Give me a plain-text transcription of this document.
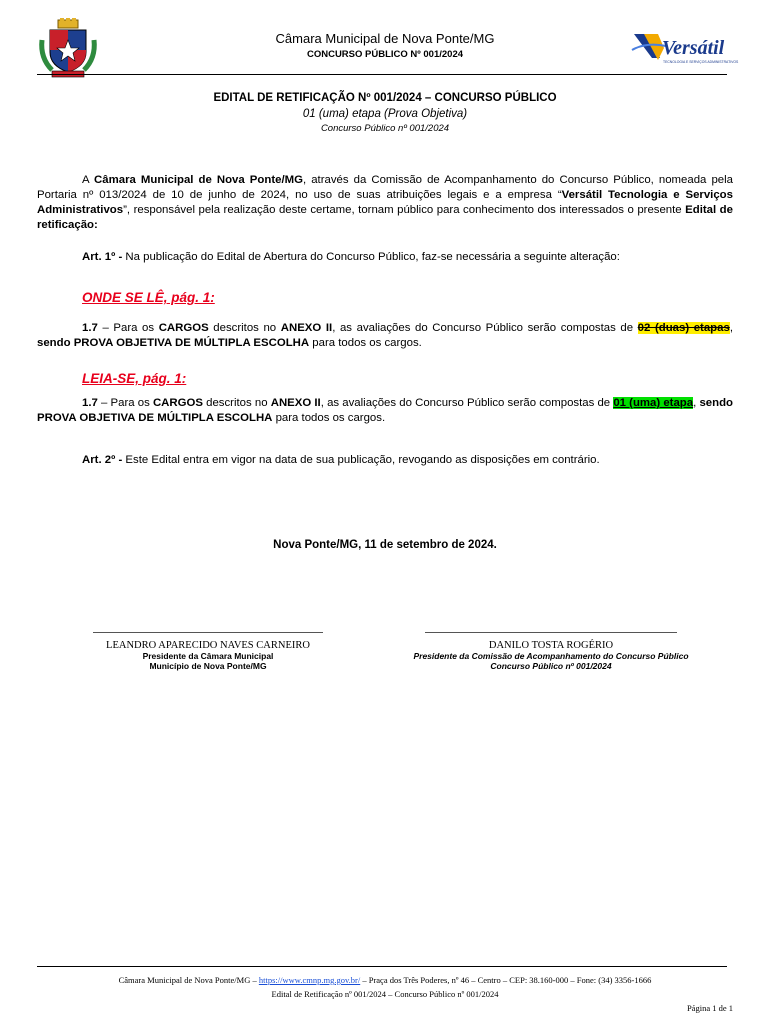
Câmara Municipal de Nova Ponte/MG
CONCURSO PÚBLICO Nº 001/2024	Versátil
TECNOLOGIA E SERVIÇOS ADMINISTRATIVOS
EDITAL DE RETIFICAÇÃO Nº 001/2024 – CONCURSO PÚBLICO
01 (uma) etapa (Prova Objetiva)
Concurso Público nº 001/2024

A Câmara Municipal de Nova Ponte/MG, através da Comissão de Acompanhamento do Concurso Público, nomeada pela Portaria nº 013/2024 de 10 de junho de 2024, no uso de suas atribuições legais e a empresa “Versátil Tecnologia e Serviços Administrativos”, responsável pela realização deste certame, tornam público para conhecimento dos interessados o presente Edital de retificação:

Art. 1º - Na publicação do Edital de Abertura do Concurso Público, faz-se necessária a seguinte alteração:

ONDE SE LÊ, pág. 1:

1.7 – Para os CARGOS descritos no ANEXO II, as avaliações do Concurso Público serão compostas de 02 (duas) etapas, sendo PROVA OBJETIVA DE MÚLTIPLA ESCOLHA para todos os cargos.

LEIA-SE, pág. 1:

1.7 – Para os CARGOS descritos no ANEXO II, as avaliações do Concurso Público serão compostas de 01 (uma) etapa, sendo PROVA OBJETIVA DE MÚLTIPLA ESCOLHA para todos os cargos.

Art. 2º - Este Edital entra em vigor na data de sua publicação, revogando as disposições em contrário.

Nova Ponte/MG, 11 de setembro de 2024.
LEANDRO APARECIDO NAVES CARNEIRO
Presidente da Câmara Municipal
Município de Nova Ponte/MG
DANILO TOSTA ROGÉRIO
Presidente da Comissão de Acompanhamento do Concurso Público
Concurso Público nº 001/2024
Câmara Municipal de Nova Ponte/MG – https://www.cmnp.mg.gov.br/ – Praça dos Três Poderes, nº 46 – Centro – CEP: 38.160-000 – Fone: (34) 3356-1666
Edital de Retificação nº 001/2024 – Concurso Público nº 001/2024
Página 1 de 1
